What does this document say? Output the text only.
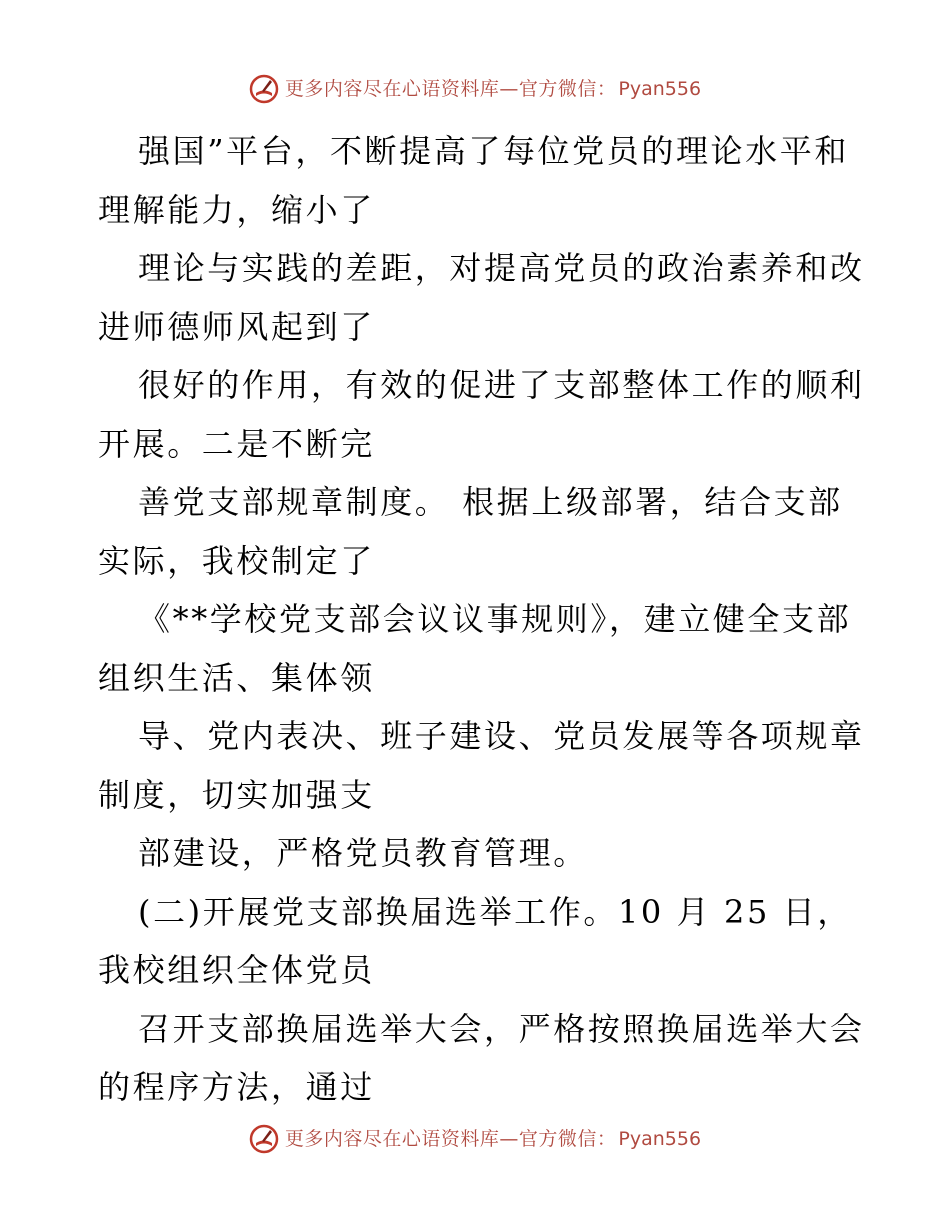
更多内容尽在心语资料库—官方微信： Pyan556
强国”平台，不断提高了每位党员的理论水平和
理解能力，缩小了
理论与实践的差距，对提高党员的政治素养和改
进师德师风起到了
很好的作用，有效的促进了支部整体工作的顺利
开展。二是不断完
善党支部规章制度。 根据上级部署，结合支部
实际，我校制定了
《**学校党支部会议议事规则》，建立健全支部
组织生活、集体领
导、党内表决、班子建设、党员发展等各项规章
制度，切实加强支
部建设，严格党员教育管理。
(二)开展党支部换届选举工作。10 月 25 日，
我校组织全体党员
召开支部换届选举大会，严格按照换届选举大会
的程序方法，通过
更多内容尽在心语资料库—官方微信： Pyan556
